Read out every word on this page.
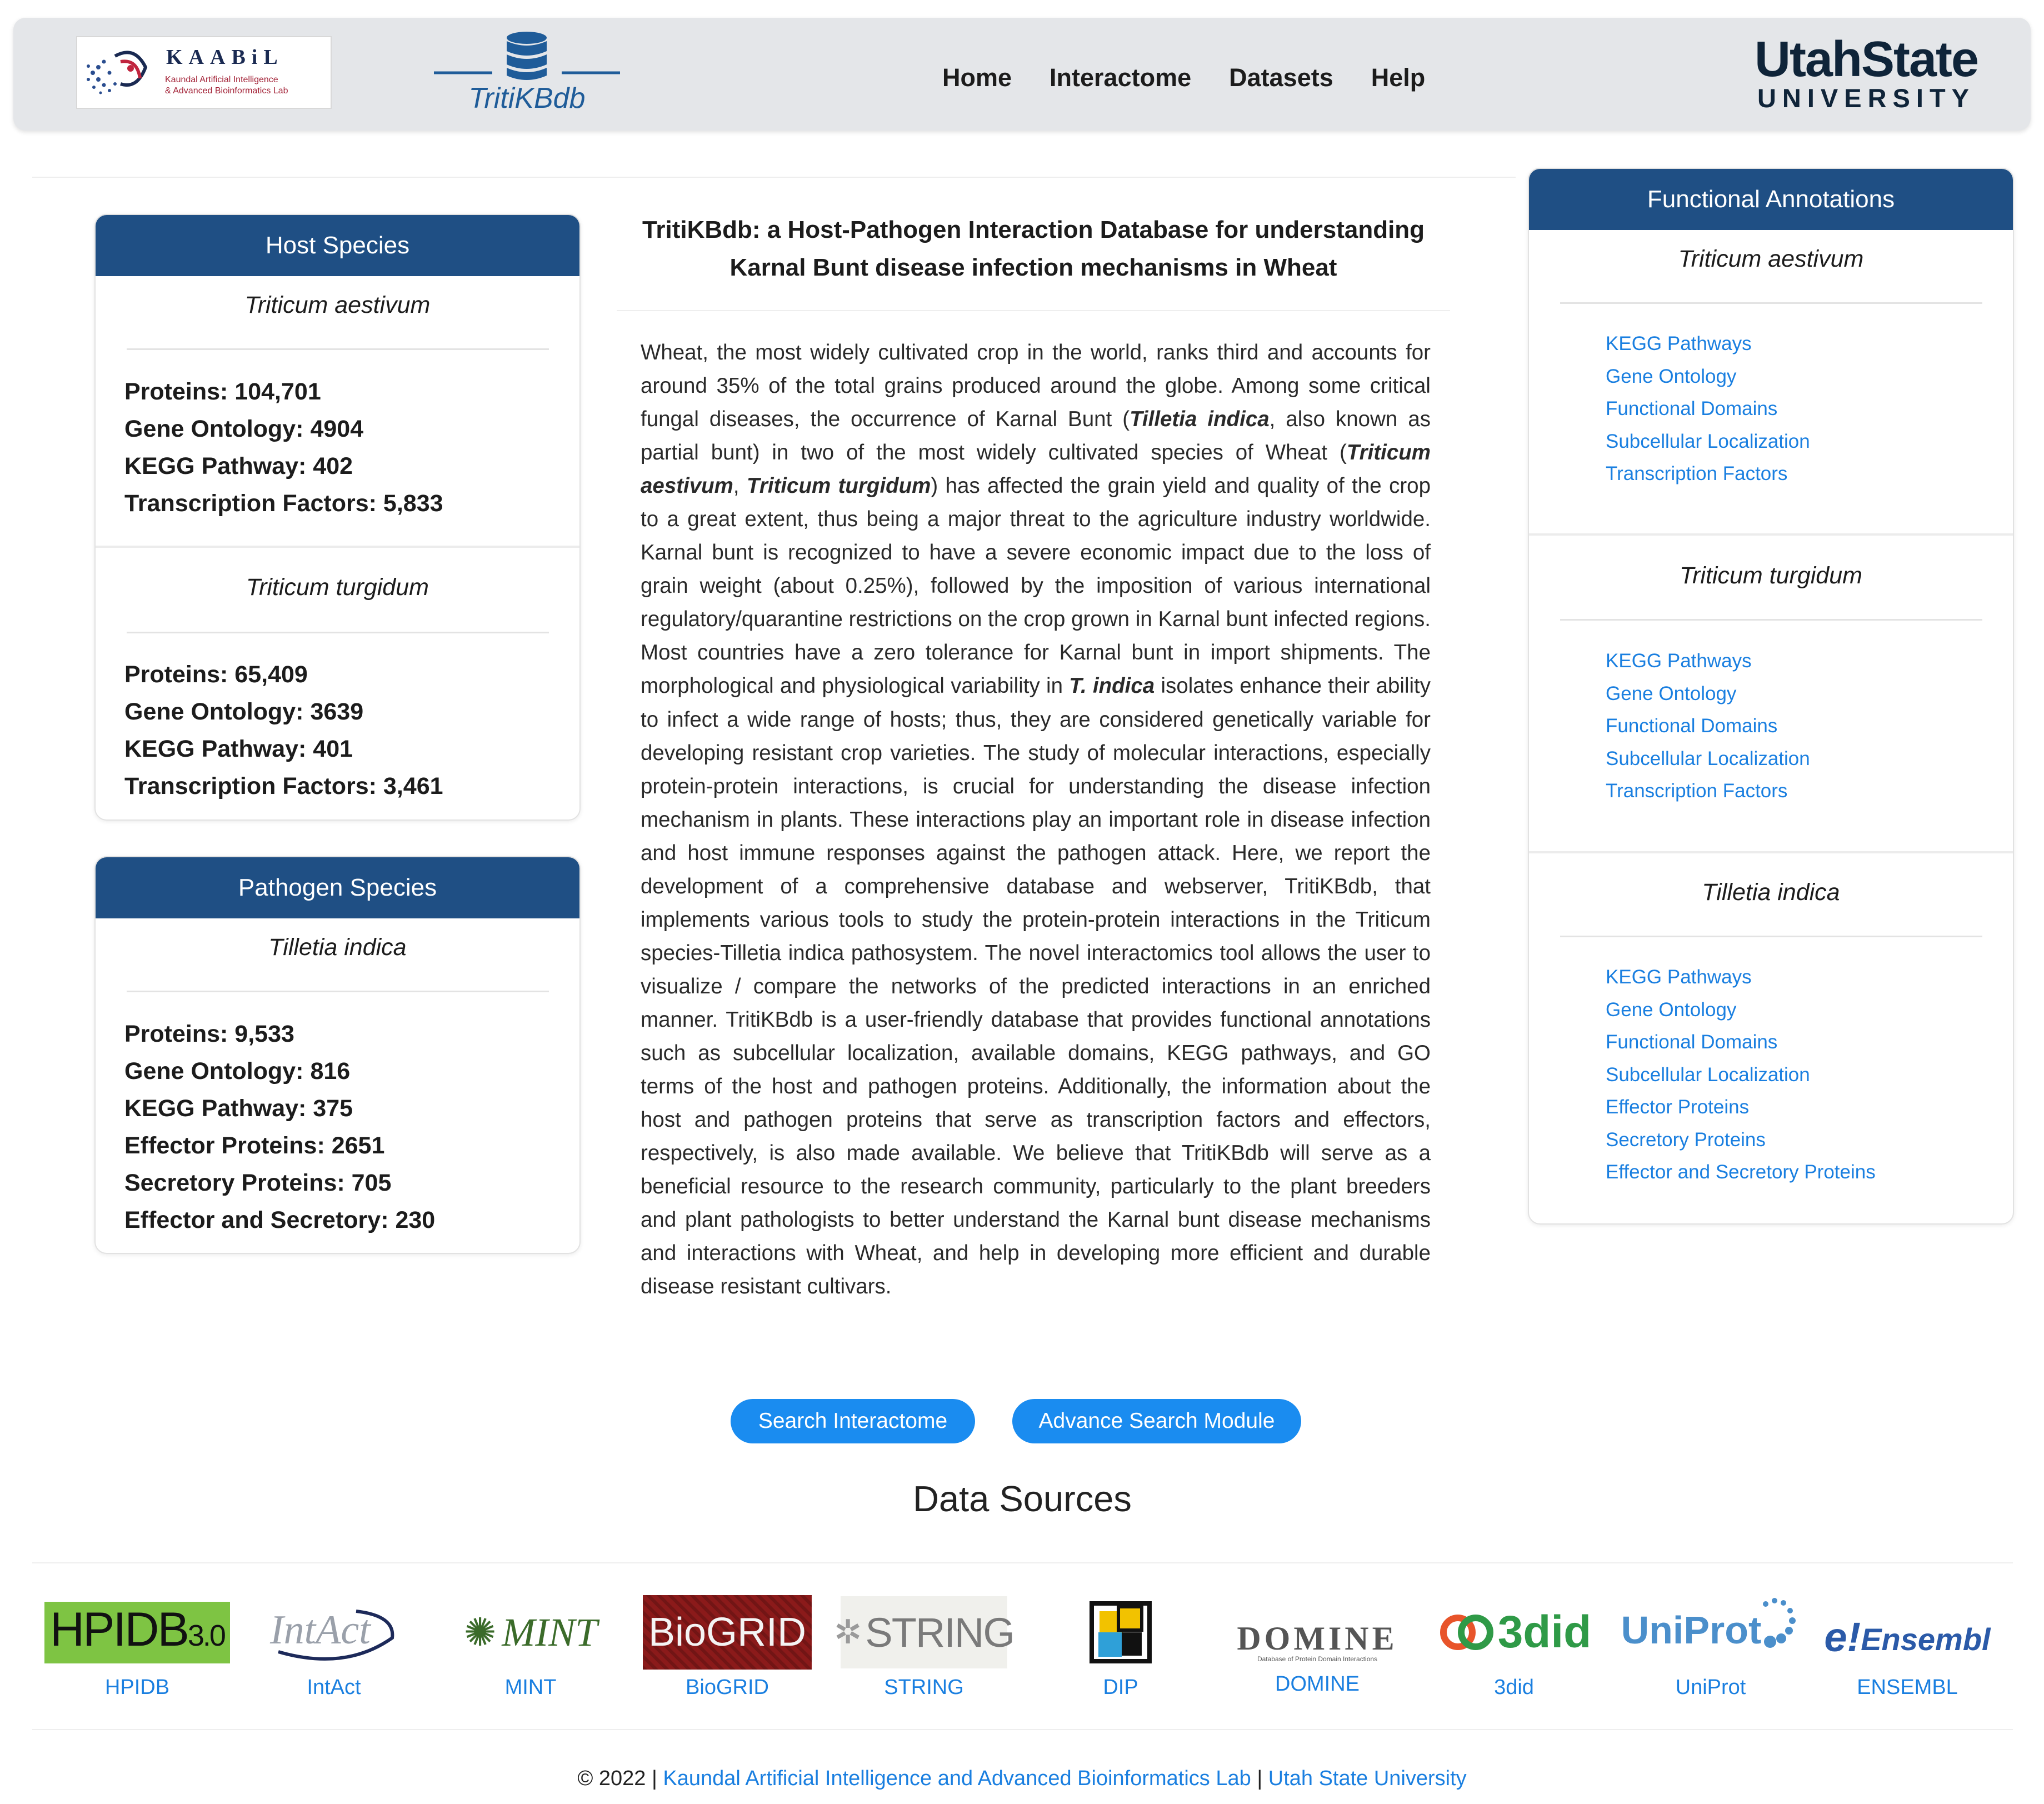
KAABiL
Kaundal Artificial Intelligence
& Advanced Bioinformatics Lab	TritiKBdb
Home Interactome Datasets Help	UtahState
UNIVERSITY
Host Species
Triticum aestivum
Proteins: 104,701
Gene Ontology: 4904
KEGG Pathway: 402
Transcription Factors: 5,833
Triticum turgidum
Proteins: 65,409
Gene Ontology: 3639
KEGG Pathway: 401
Transcription Factors: 3,461
Pathogen Species
Tilletia indica
Proteins: 9,533
Gene Ontology: 816
KEGG Pathway: 375
Effector Proteins: 2651
Secretory Proteins: 705
Effector and Secretory: 230
TritiKBdb: a Host-Pathogen Interaction Database for understanding
Karnal Bunt disease infection mechanisms in Wheat
Wheat, the most widely cultivated crop in the world, ranks third and accounts for around 35% of the total grains produced around the globe. Among some critical fungal diseases, the occurrence of Karnal Bunt (Tilletia indica, also known as partial bunt) in two of the most widely cultivated species of Wheat (Triticum aestivum, Triticum turgidum) has affected the grain yield and quality of the crop to a great extent, thus being a major threat to the agriculture industry worldwide. Karnal bunt is recognized to have a severe economic impact due to the loss of grain weight (about 0.25%), followed by the imposition of various international regulatory/quarantine restrictions on the crop grown in Karnal bunt infected regions. Most countries have a zero tolerance for Karnal bunt in import shipments. The morphological and physiological variability in T. indica isolates enhance their ability to infect a wide range of hosts; thus, they are considered genetically variable for developing resistant crop varieties. The study of molecular interactions, especially protein-protein interactions, is crucial for understanding the disease infection mechanism in plants. These interactions play an important role in disease infection and host immune responses against the pathogen attack. Here, we report the development of a comprehensive database and webserver, TritiKBdb, that implements various tools to study the protein-protein interactions in the Triticum species-Tilletia indica pathosystem. The novel interactomics tool allows the user to visualize / compare the networks of the predicted interactions in an enriched manner. TritiKBdb is a user-friendly database that provides functional annotations such as subcellular localization, available domains, KEGG pathways, and GO terms of the host and pathogen proteins. Additionally, the information about the host and pathogen proteins that serve as transcription factors and effectors, respectively, is also made available. We believe that TritiKBdb will serve as a beneficial resource to the research community, particularly to the plant breeders and plant pathologists to better understand the Karnal bunt disease mechanisms and interactions with Wheat, and help in developing more efficient and durable disease resistant cultivars.
Search Interactome	Advance Search Module
Functional Annotations
Triticum aestivum
KEGG Pathways
Gene Ontology
Functional Domains
Subcellular Localization
Transcription Factors
Triticum turgidum
KEGG Pathways
Gene Ontology
Functional Domains
Subcellular Localization
Transcription Factors
Tilletia indica
KEGG Pathways
Gene Ontology
Functional Domains
Subcellular Localization
Effector Proteins
Secretory Proteins
Effector and Secretory Proteins
Data Sources
HPIDB3.0
HPIDB
IntAct
IntAct
✺ MINT
MINT
BioGRID
BioGRID
✲ STRING
STRING	DIP
DOMINE
Database of Protein Domain Interactions
DOMINE
3did
3did
UniProt
UniProt
e! Ensembl
ENSEMBL
© 2022 | Kaundal Artificial Intelligence and Advanced Bioinformatics Lab | Utah State University
